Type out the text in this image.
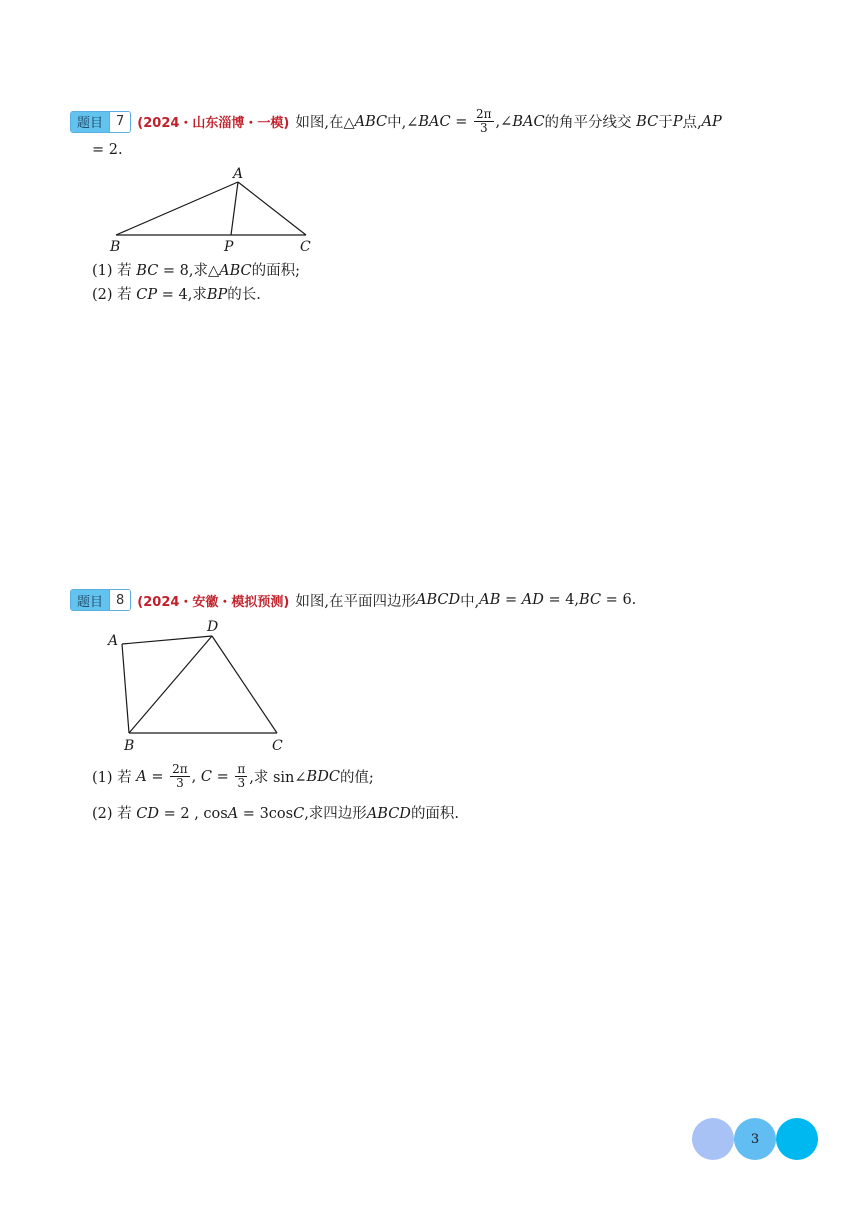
题目	7	(2024・山东淄博・一模) 如图,在△ ABC 中,∠ BAC = $\frac{2\pi}{3}$ ,∠ BAC 的角平分线交 BC 于 P 点, AP
= 2.
A
B	P	C
(1) 若 BC = 8,求△ABC的面积;
(2) 若 CP = 4,求BP的长.
题目	8	(2024・安徽・模拟预测) 如图,在平面四边形 ABCD 中, AB = AD = 4, BC = 6.
A
D
B	C
(1) 若 $A = \frac{2\pi}{3}$ , $C = \frac{\pi}{3}$ ,求 sin∠ BDC 的值;
(2) 若 CD = 2 , cosA = 3cosC,求四边形ABCD的面积.
3
